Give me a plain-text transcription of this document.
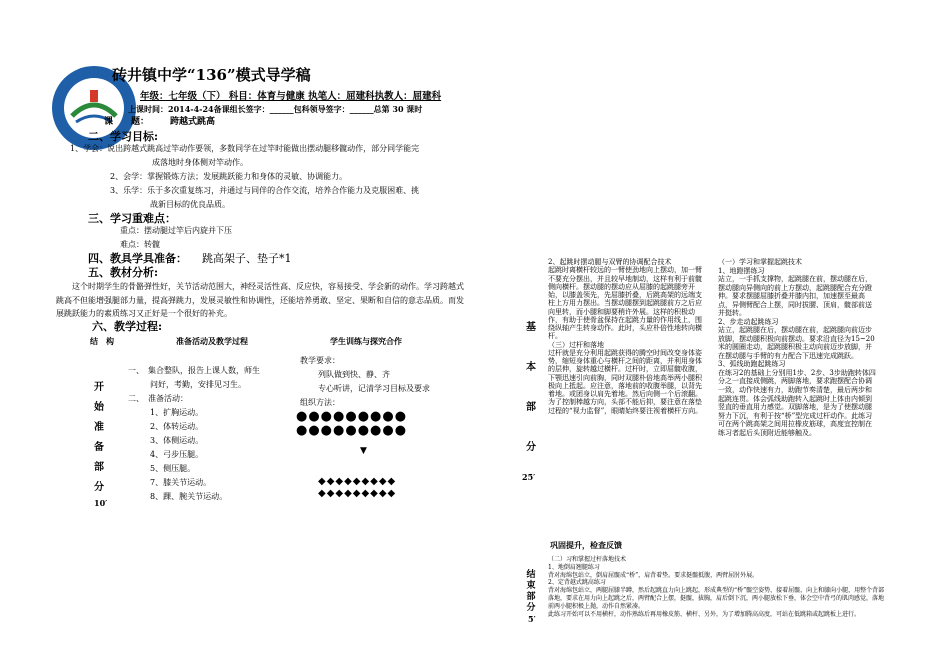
砖井镇中学“136”模式导学稿
年级：七年级（下） 科目：体育与健康 执笔人：屈建科执教人：屈建科
上课时间：2014-4-24备课组长签字：______包科领导签字：______总第 30 课时
课　　题： 跨越式跳高
二、学习目标:
1、学会：说出跨越式跳高过竿动作要领，多数同学在过竿时能做出摆动腿移髋动作，部分同学能完
成落地时身体侧对竿动作。
2、会学：掌握锻炼方法；发展跳跃能力和身体的灵敏、协调能力。
3、乐学：乐于多次重复练习，并通过与同伴的合作交流，培养合作能力及克服困难、挑
战新目标的优良品质。
三、学习重难点：
重点：摆动腿过竿后内旋并下压
难点：转髋
四、教具学具准备： 跳高架子、垫子*1
五、教材分析:
这个时期学生的骨骼弹性好，关节活动范围大，神经灵活性高、反应快，容易接受、学会新的动作。学习跨越式跳高不但能增强腿部力量，提高弹跳力，发展灵敏性和协调性，还能培养勇敢、坚定、果断和自信的意志品质。而发展跳跃能力的素质练习又正好是一个很好的补充。
六、教学过程:
结　构	准备活动及教学过程	学生训练与探究合作
开
始
准
备
部
分
10′
一、　集合整队，报告上课人数，师生
问好，考勤，安排见习生。
二、　准备活动：
1、扩胸运动。
2、体转运动。
3、体侧运动。
4、弓步压腿。
5、侧压腿。
7、膝关节运动。
8、踝、腕关节运动。
教学要求：
列队做到快、静、齐
专心听讲，记清学习目标及要求
组织方法：
●●●●●●●●●
●●●●●●●●●
▼
◆◆◆◆◆◆◆◆◆
◆◆◆◆◆◆◆◆◆
基
本
部
分
25′
2、起跳时摆动腿与双臂的协调配合技术
起跳时离横杆较远的一臂使劲地向上摆动，加一臂不要充分摆出，并且较早地制动，这样有利于前髋侧向横杆。摆动腿的摆动应从屈膝的起跳腿旁开始，以膝盖领先，先屈膝折叠，后跳高架的远端支柱上方用力摆出。当摆动腿摆到起跳腿前方之后应向里转，而小腿和脚要稍许外展。这样的积极动作，有助于使骨盆保持在起跳力量的作用线上，围绕纵轴产生转身动作。此时，头应朴倍性地转向横杆。
（三）过杆和落地
过杆就是充分利用起跳获得的腾空时间改变身体姿势，缩短身体重心与横杆之间的距离，并利用身体的层伸，旋转越过横杆。过杆时，立即屈髋收腹，下颚迅速引向前胸，同时双腿朴倍地高举两小腿积极向上抵起。应注意，落地前的收腹举腿，以背先着地。或团身以肩先着地。然后向侧一个后滚翻。为了控制棒越方向，头部不能后抑，要注意在落垫过程的“视力监督”，眼睛始终要注视着横杆方向。
（一）学习和掌握起跳技术
1、地蹬摆练习
站立，一手抓支撑物，起跳腿在前，摆动腿在后，摆动腿向异侧向的前上方摆动，起跳腿配合充分蹬伸。要求摆腿屈膝折叠并膝内扣，加速摆至最高点，异侧臂配合上摆，同时拔腰、顶肩，髋部前送并挺转。
2、步走动起跳练习
站立，起跳腿在后，摆动腿在前，起跳腿向前迈步放脚，摆动腿积极向前摆动。要求沿直径为15~20米的圆圈走动，起跳腿积极主动向前迈步放脚，并在摆动腿与手臂的有力配合下迅速完成跳跃。
3、弧线助跑起跳练习
在练习2的基础上分别用1步、2步、3步助跑转体四分之一直接成侧跳，两脚落地，要求跑摆配合协调一致，动作快速有力，助跑节奏清楚，最后两步和起跳连贯。体会弧线助跑转入起跳时上体由内倾到竖直的垂直用力感觉。双脚落地，是为了使摆动腿努力下沉，有利于按“桥”型完成过杆动作。此练习可在两个跳高架之间用拉橡皮筋球，高度宜控制在练习者起后头顶附近能够触及。
巩固提升，检查反馈
结
束
部
分
5′
（二）习和掌握过杆落地技术
1、地倒肩翘腿练习
背对海绵包站立，倒肩屈髋成“桥”，肩背着垫。要求挺髋抵腹，两臂屈肘外展。
2、定背越式跳高练习
背对海绵包站立，两腿屈膝半蹲，然后起跳直力向上跳起，形成典型的“桥”髋空姿势，接着屈髋，向上和膝向小腿，用整个背部落地，要求在用力向上起跳之后，两臂配合上摆，挺髋，拔胸，肩后倒下沉，两小腿放松下垂，体会空中背弓的肌肉感觉，落地前两小腿积极上抛，动作自然紧凑。
此练习开始可以不用横杆，动作熟练后再用橡皮筋、横杆、另外，为了增加腾高高度，可站在低跳箱或起跳板上进行。
